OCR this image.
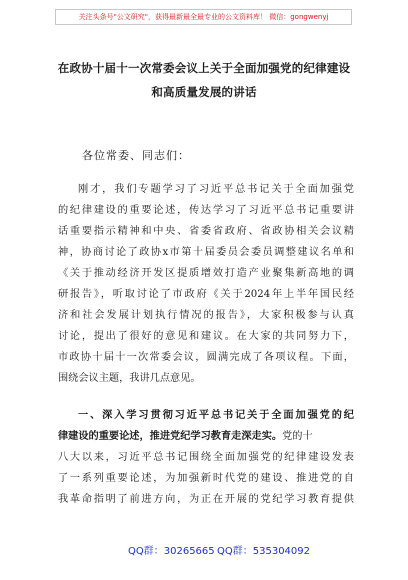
关注头条号"公文研究"，获得最新最全最专业的公文资料库！ 微信：gongwenyj
在政协十届十一次常委会议上关于全面加强党的纪律建设
和高质量发展的讲话
各位常委、同志们：
刚才，我们专题学习了习近平总书记关于全面加强党
的纪律建设的重要论述，传达学习了习近平总书记重要讲
话重要指示精神和中央、省委省政府、省政协相关会议精
神，协商讨论了政协x市第十届委员会委员调整建议名单和
《关于推动经济开发区提质增效打造产业聚集新高地的调
研报告》，听取讨论了市政府《关于2024年上半年国民经
济和社会发展计划执行情况的报告》，大家积极参与认真
讨论，提出了很好的意见和建议。在大家的共同努力下，
市政协十届十一次常委会议，圆满完成了各项议程。下面，
围绕会议主题，我讲几点意见。
一、深入学习贯彻习近平总书记关于全面加强党的纪
律建设的重要论述，推进党纪学习教育走深走实。党的十
八大以来，习近平总书记围绕全面加强党的纪律建设发表
了一系列重要论述，为加强新时代党的建设、推进党的自
我革命指明了前进方向，为正在开展的党纪学习教育提供
QQ群：30265665 QQ群：535304092
